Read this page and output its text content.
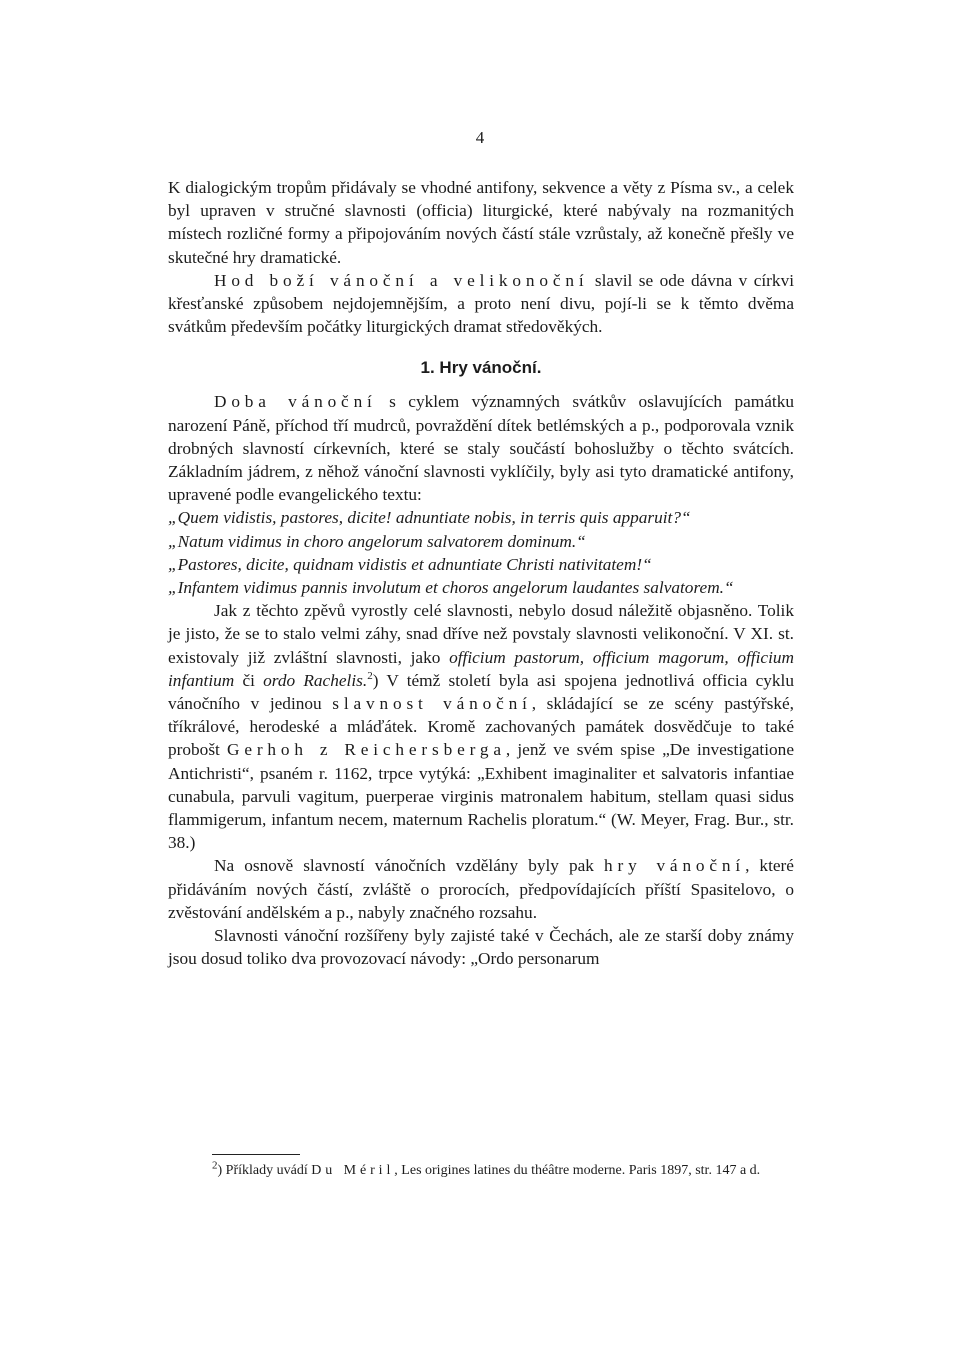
4

K dialogickým tropům přidávaly se vhodné antifony, sekvence a věty z Písma sv., a celek byl upraven v stručné slavnosti (officia) liturgické, které nabývaly na rozmanitých místech rozličné formy a připojováním nových částí stále vzrůstaly, až konečně přešly ve skutečné hry dramatické.

Hod boží vánoční a velikonoční slavil se ode dávna v církvi křesťanské způsobem nejdojemnějším, a proto není divu, pojí-li se k těmto dvěma svátkům především počátky liturgických dramat středověkých.

1. Hry vánoční.

Doba vánoční s cyklem významných svátkův oslavujících památku narození Páně, příchod tří mudrců, povraždění dítek betlémských a p., podporovala vznik drobných slavností církevních, které se staly součástí bohoslužby o těchto svátcích. Základním jádrem, z něhož vánoční slavnosti vyklíčily, byly asi tyto dramatické antifony, upravené podle evangelického textu:

„Quem vidistis, pastores, dicite! adnuntiate nobis, in terris quis apparuit?“

„Natum vidimus in choro angelorum salvatorem dominum.“

„Pastores, dicite, quidnam vidistis et adnuntiate Christi nativitatem!“

„Infantem vidimus pannis involutum et choros angelorum laudantes salvatorem.“

Jak z těchto zpěvů vyrostly celé slavnosti, nebylo dosud náležitě objasněno. Tolik je jisto, že se to stalo velmi záhy, snad dříve než povstaly slavnosti velikonoční. V XI. st. existovaly již zvláštní slavnosti, jako officium pastorum, officium magorum, officium infantium či ordo Rachelis.$^2$) V témž století byla asi spojena jednotlivá officia cyklu vánočního v jedinou slavnost vánoční, skládající se ze scény pastýřské, tříkrálové, herodeské a mláďátek. Kromě zachovaných památek dosvědčuje to také probošt Gerhoh z Reichersberga, jenž ve svém spise „De investigatione Antichristi“, psaném r. 1162, trpce vytýká: „Exhibent imaginaliter et salvatoris infantiae cunabula, parvuli vagitum, puerperae virginis matronalem habitum, stellam quasi sidus flammigerum, infantum necem, maternum Rachelis ploratum.“ (W. Meyer, Frag. Bur., str. 38.)

Na osnově slavností vánočních vzdělány byly pak hry vánoční, které přidáváním nových částí, zvláště o prorocích, předpovídajících příští Spasitelovo, o zvěstování andělském a p., nabyly značného rozsahu.

Slavnosti vánoční rozšířeny byly zajisté také v Čechách, ale ze starší doby známy jsou dosud toliko dva provozovací návody: „Ordo personarum

$^2$) Příklady uvádí Du Méril, Les origines latines du théâtre moderne. Paris 1897, str. 147 a d.
